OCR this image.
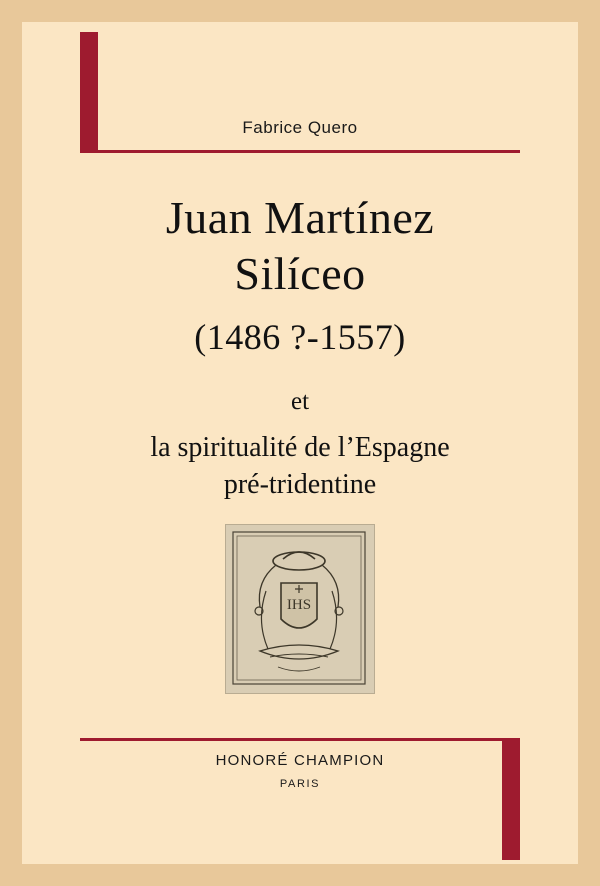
Fabrice Quero
Juan Martínez
Silíceo
(1486 ?-1557)
et
la spiritualité de l’Espagne
pré-tridentine
IHS
HONORÉ CHAMPION
PARIS
